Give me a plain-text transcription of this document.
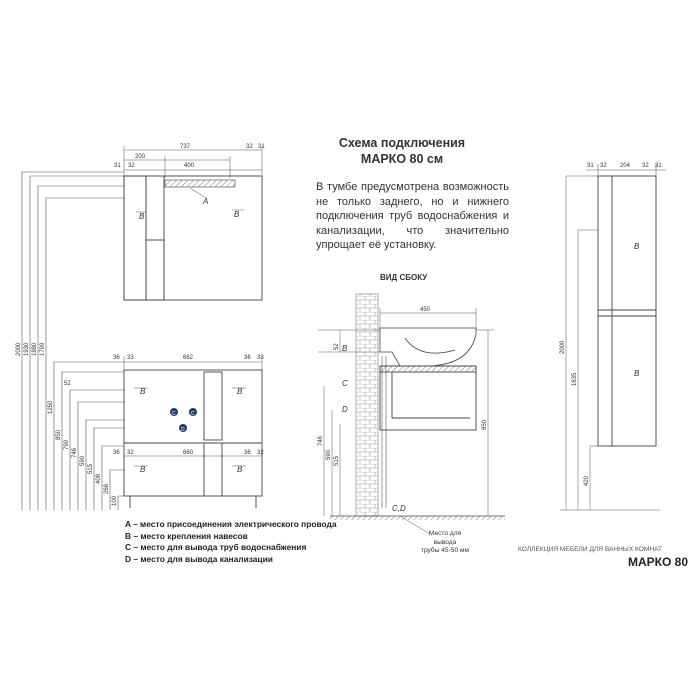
2000 1930 1880 1799
1250
850
790
746
590
515
408
268
100
737
200
32 31
31 32	400
A
B	B
36 33	662	36 33
52
36 32	660	36 32
B	B
C	C
D
B	B
450
52
746
590
515
850
B
C
D
C,D
31 32 204 32 31
B
B
2000
1635
420
Схема подключения
МАРКО 80 см
В тумбе предусмотрена возможность не только заднего, но и нижнего подключения труб водоснабжения и канализации, что значительно упрощает её установку.
ВИД СБОКУ
Место для
вывода
трубы 45-50 мм
A – место присоединения электрического провода
B – место крепления навесов
C – место для вывода труб водоснабжения
D – место для вывода канализации
КОЛЛЕКЦИЯ МЕБЕЛИ ДЛЯ ВАННЫХ КОМНАТ
МАРКО 80
